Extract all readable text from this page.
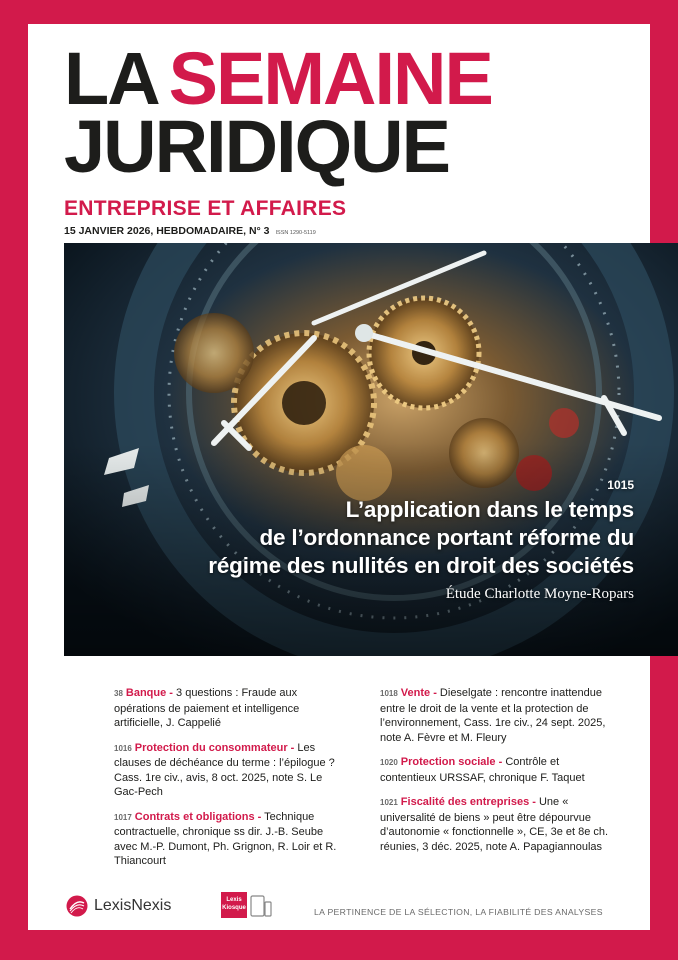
LA SEMAINE
JURIDIQUE
ENTREPRISE ET AFFAIRES
15 JANVIER 2026, HEBDOMADAIRE, N° 3 ISSN 1290-5119
1015
L’application dans le temps
de l’ordonnance portant réforme du
régime des nullités en droit des sociétés
Étude Charlotte Moyne-Ropars
38 Banque - 3 questions : Fraude aux opérations de paiement et intelligence artificielle, J. Cappelié
1016 Protection du consommateur - Les clauses de déchéance du terme : l’épilogue ? Cass. 1re civ., avis, 8 oct. 2025, note S. Le Gac-Pech
1017 Contrats et obligations - Technique contractuelle, chronique ss dir. J.-B. Seube avec M.-P. Dumont, Ph. Grignon, R. Loir et R. Thiancourt
1018 Vente - Dieselgate : rencontre inattendue entre le droit de la vente et la protection de l’environnement, Cass. 1re civ., 24 sept. 2025, note A. Fèvre et M. Fleury
1020 Protection sociale - Contrôle et contentieux URSSAF, chronique F. Taquet
1021 Fiscalité des entreprises - Une « universalité de biens » peut être dépourvue d’autonomie « fonctionnelle », CE, 3e et 8e ch. réunies, 3 déc. 2025, note A. Papagiannoulas
LexisNexis	Lexis
Kiosque	LA PERTINENCE DE LA SÉLECTION, LA FIABILITÉ DES ANALYSES
